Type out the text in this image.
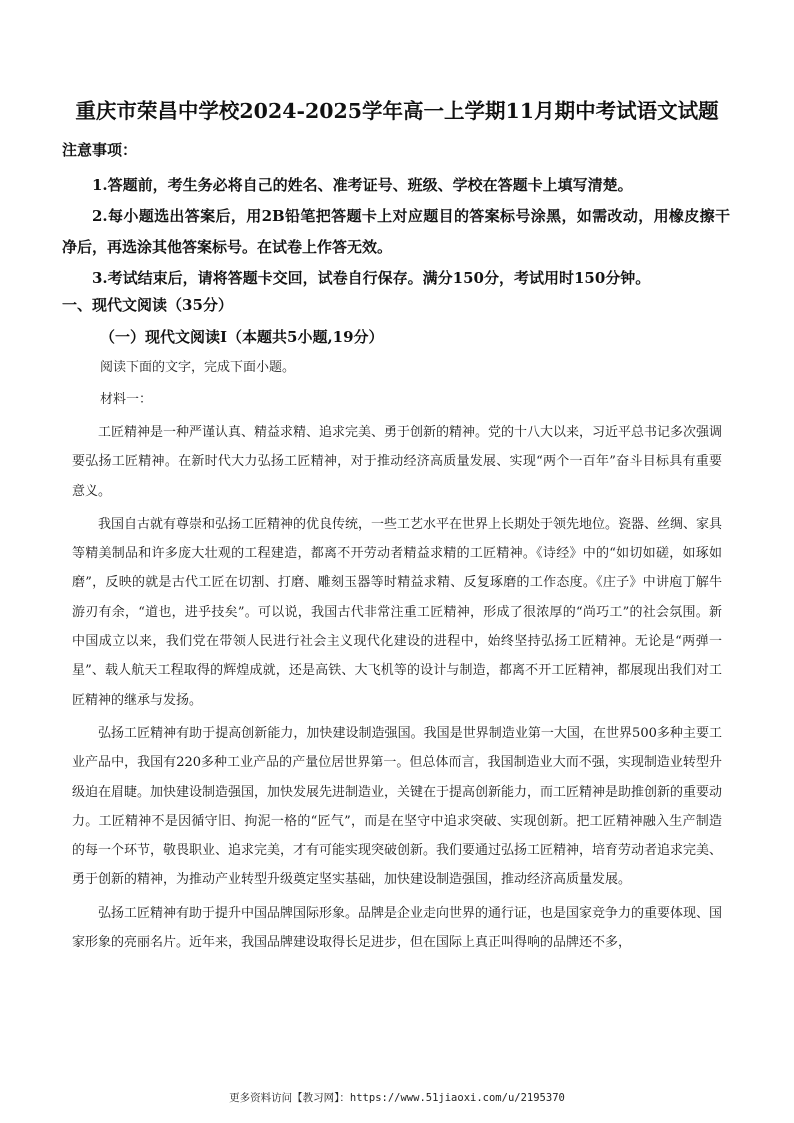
重庆市荣昌中学校2024-2025学年高一上学期11月期中考试语文试题
注意事项：

1.答题前，考生务必将自己的姓名、准考证号、班级、学校在答题卡上填写清楚。

2.每小题选出答案后，用2B铅笔把答题卡上对应题目的答案标号涂黑，如需改动，用橡皮擦干净后，再选涂其他答案标号。在试卷上作答无效。

3.考试结束后，请将答题卡交回，试卷自行保存。满分150分，考试用时150分钟。

一、现代文阅读（35分）
（一）现代文阅读Ⅰ（本题共5小题,19分）
阅读下面的文字，完成下面小题。
材料一：

工匠精神是一种严谨认真、精益求精、追求完美、勇于创新的精神。党的十八大以来，习近平总书记多次强调要弘扬工匠精神。在新时代大力弘扬工匠精神，对于推动经济高质量发展、实现“两个一百年”奋斗目标具有重要意义。

我国自古就有尊崇和弘扬工匠精神的优良传统，一些工艺水平在世界上长期处于领先地位。瓷器、丝绸、家具等精美制品和许多庞大壮观的工程建造，都离不开劳动者精益求精的工匠精神。《诗经》中的“如切如磋，如琢如磨”，反映的就是古代工匠在切割、打磨、雕刻玉器等时精益求精、反复琢磨的工作态度。《庄子》中讲庖丁解牛游刃有余，“道也，进乎技矣”。可以说，我国古代非常注重工匠精神，形成了很浓厚的“尚巧工”的社会氛围。新中国成立以来，我们党在带领人民进行社会主义现代化建设的进程中，始终坚持弘扬工匠精神。无论是“两弹一星”、载人航天工程取得的辉煌成就，还是高铁、大飞机等的设计与制造，都离不开工匠精神，都展现出我们对工匠精神的继承与发扬。

弘扬工匠精神有助于提高创新能力，加快建设制造强国。我国是世界制造业第一大国，在世界500多种主要工业产品中，我国有220多种工业产品的产量位居世界第一。但总体而言，我国制造业大而不强，实现制造业转型升级迫在眉睫。加快建设制造强国，加快发展先进制造业，关键在于提高创新能力，而工匠精神是助推创新的重要动力。工匠精神不是因循守旧、拘泥一格的“匠气”，而是在坚守中追求突破、实现创新。把工匠精神融入生产制造的每一个环节，敬畏职业、追求完美，才有可能实现突破创新。我们要通过弘扬工匠精神，培育劳动者追求完美、勇于创新的精神，为推动产业转型升级奠定坚实基础，加快建设制造强国，推动经济高质量发展。

弘扬工匠精神有助于提升中国品牌国际形象。品牌是企业走向世界的通行证，也是国家竞争力的重要体现、国家形象的亮丽名片。近年来，我国品牌建设取得长足进步，但在国际上真正叫得响的品牌还不多，

更多资料访问【教习网】：https://www.51jiaoxi.com/u/2195370
